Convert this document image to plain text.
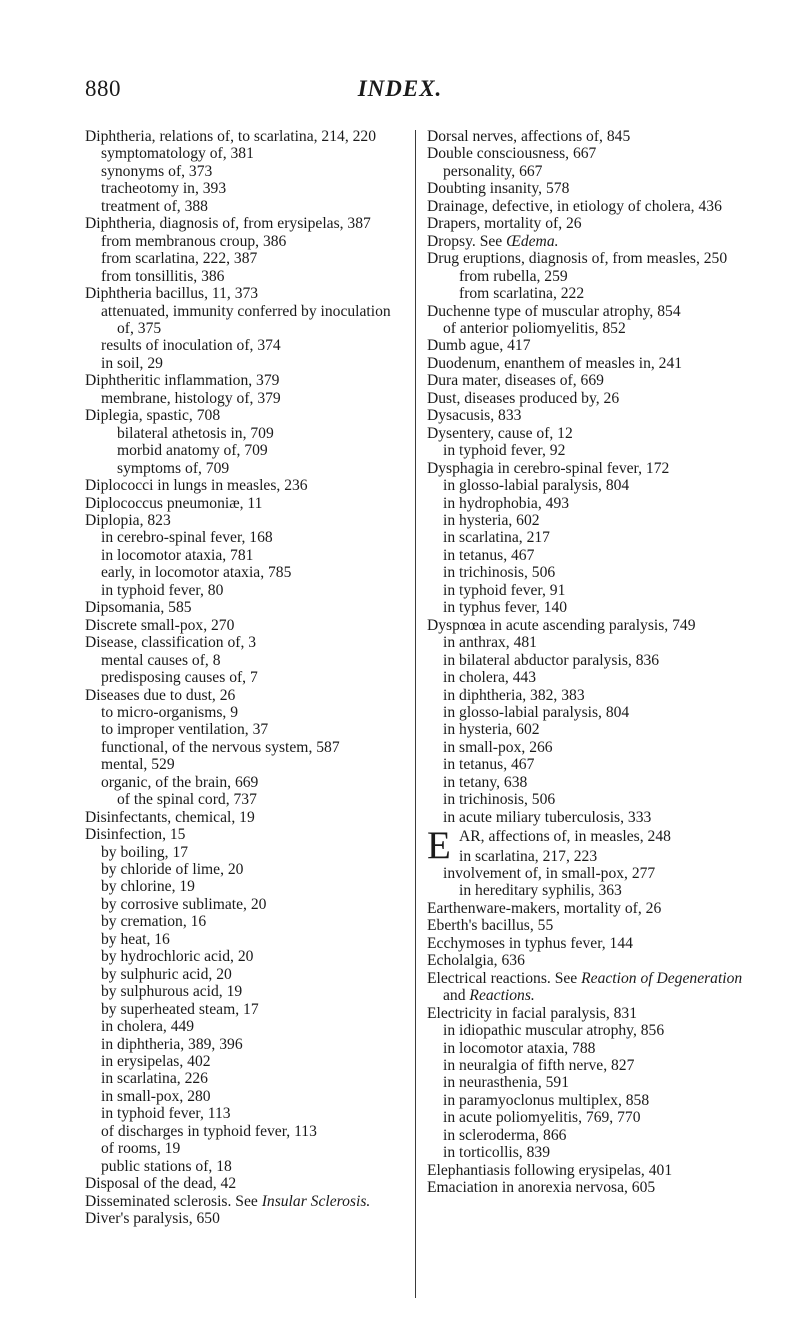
880	INDEX.

Diphtheria, relations of, to scarlatina, 214, 220

symptomatology of, 381

synonyms of, 373

tracheotomy in, 393

treatment of, 388

Diphtheria, diagnosis of, from erysipelas, 387

from membranous croup, 386

from scarlatina, 222, 387

from tonsillitis, 386

Diphtheria bacillus, 11, 373

attenuated, immunity conferred by inoculation of, 375

results of inoculation of, 374

in soil, 29

Diphtheritic inflammation, 379

membrane, histology of, 379

Diplegia, spastic, 708

bilateral athetosis in, 709

morbid anatomy of, 709

symptoms of, 709

Diplococci in lungs in measles, 236

Diplococcus pneumoniæ, 11

Diplopia, 823

in cerebro-spinal fever, 168

in locomotor ataxia, 781

early, in locomotor ataxia, 785

in typhoid fever, 80

Dipsomania, 585

Discrete small-pox, 270

Disease, classification of, 3

mental causes of, 8

predisposing causes of, 7

Diseases due to dust, 26

to micro-organisms, 9

to improper ventilation, 37

functional, of the nervous system, 587

mental, 529

organic, of the brain, 669

of the spinal cord, 737

Disinfectants, chemical, 19

Disinfection, 15

by boiling, 17

by chloride of lime, 20

by chlorine, 19

by corrosive sublimate, 20

by cremation, 16

by heat, 16

by hydrochloric acid, 20

by sulphuric acid, 20

by sulphurous acid, 19

by superheated steam, 17

in cholera, 449

in diphtheria, 389, 396

in erysipelas, 402

in scarlatina, 226

in small-pox, 280

in typhoid fever, 113

of discharges in typhoid fever, 113

of rooms, 19

public stations of, 18

Disposal of the dead, 42

Disseminated sclerosis. See Insular Sclerosis.

Diver's paralysis, 650

Dorsal nerves, affections of, 845

Double consciousness, 667

personality, 667

Doubting insanity, 578

Drainage, defective, in etiology of cholera, 436

Drapers, mortality of, 26

Dropsy. See Œdema.

Drug eruptions, diagnosis of, from measles, 250

from rubella, 259

from scarlatina, 222

Duchenne type of muscular atrophy, 854

of anterior poliomyelitis, 852

Dumb ague, 417

Duodenum, enanthem of measles in, 241

Dura mater, diseases of, 669

Dust, diseases produced by, 26

Dysacusis, 833

Dysentery, cause of, 12

in typhoid fever, 92

Dysphagia in cerebro-spinal fever, 172

in glosso-labial paralysis, 804

in hydrophobia, 493

in hysteria, 602

in scarlatina, 217

in tetanus, 467

in trichinosis, 506

in typhoid fever, 91

in typhus fever, 140

Dyspnœa in acute ascending paralysis, 749

in anthrax, 481

in bilateral abductor paralysis, 836

in cholera, 443

in diphtheria, 382, 383

in glosso-labial paralysis, 804

in hysteria, 602

in small-pox, 266

in tetanus, 467

in tetany, 638

in trichinosis, 506

in acute miliary tuberculosis, 333

E AR, affections of, in measles, 248

in scarlatina, 217, 223

involvement of, in small-pox, 277

in hereditary syphilis, 363

Earthenware-makers, mortality of, 26

Eberth's bacillus, 55

Ecchymoses in typhus fever, 144

Echolalgia, 636

Electrical reactions. See Reaction of Degeneration and Reactions.

Electricity in facial paralysis, 831

in idiopathic muscular atrophy, 856

in locomotor ataxia, 788

in neuralgia of fifth nerve, 827

in neurasthenia, 591

in paramyoclonus multiplex, 858

in acute poliomyelitis, 769, 770

in scleroderma, 866

in torticollis, 839

Elephantiasis following erysipelas, 401

Emaciation in anorexia nervosa, 605
